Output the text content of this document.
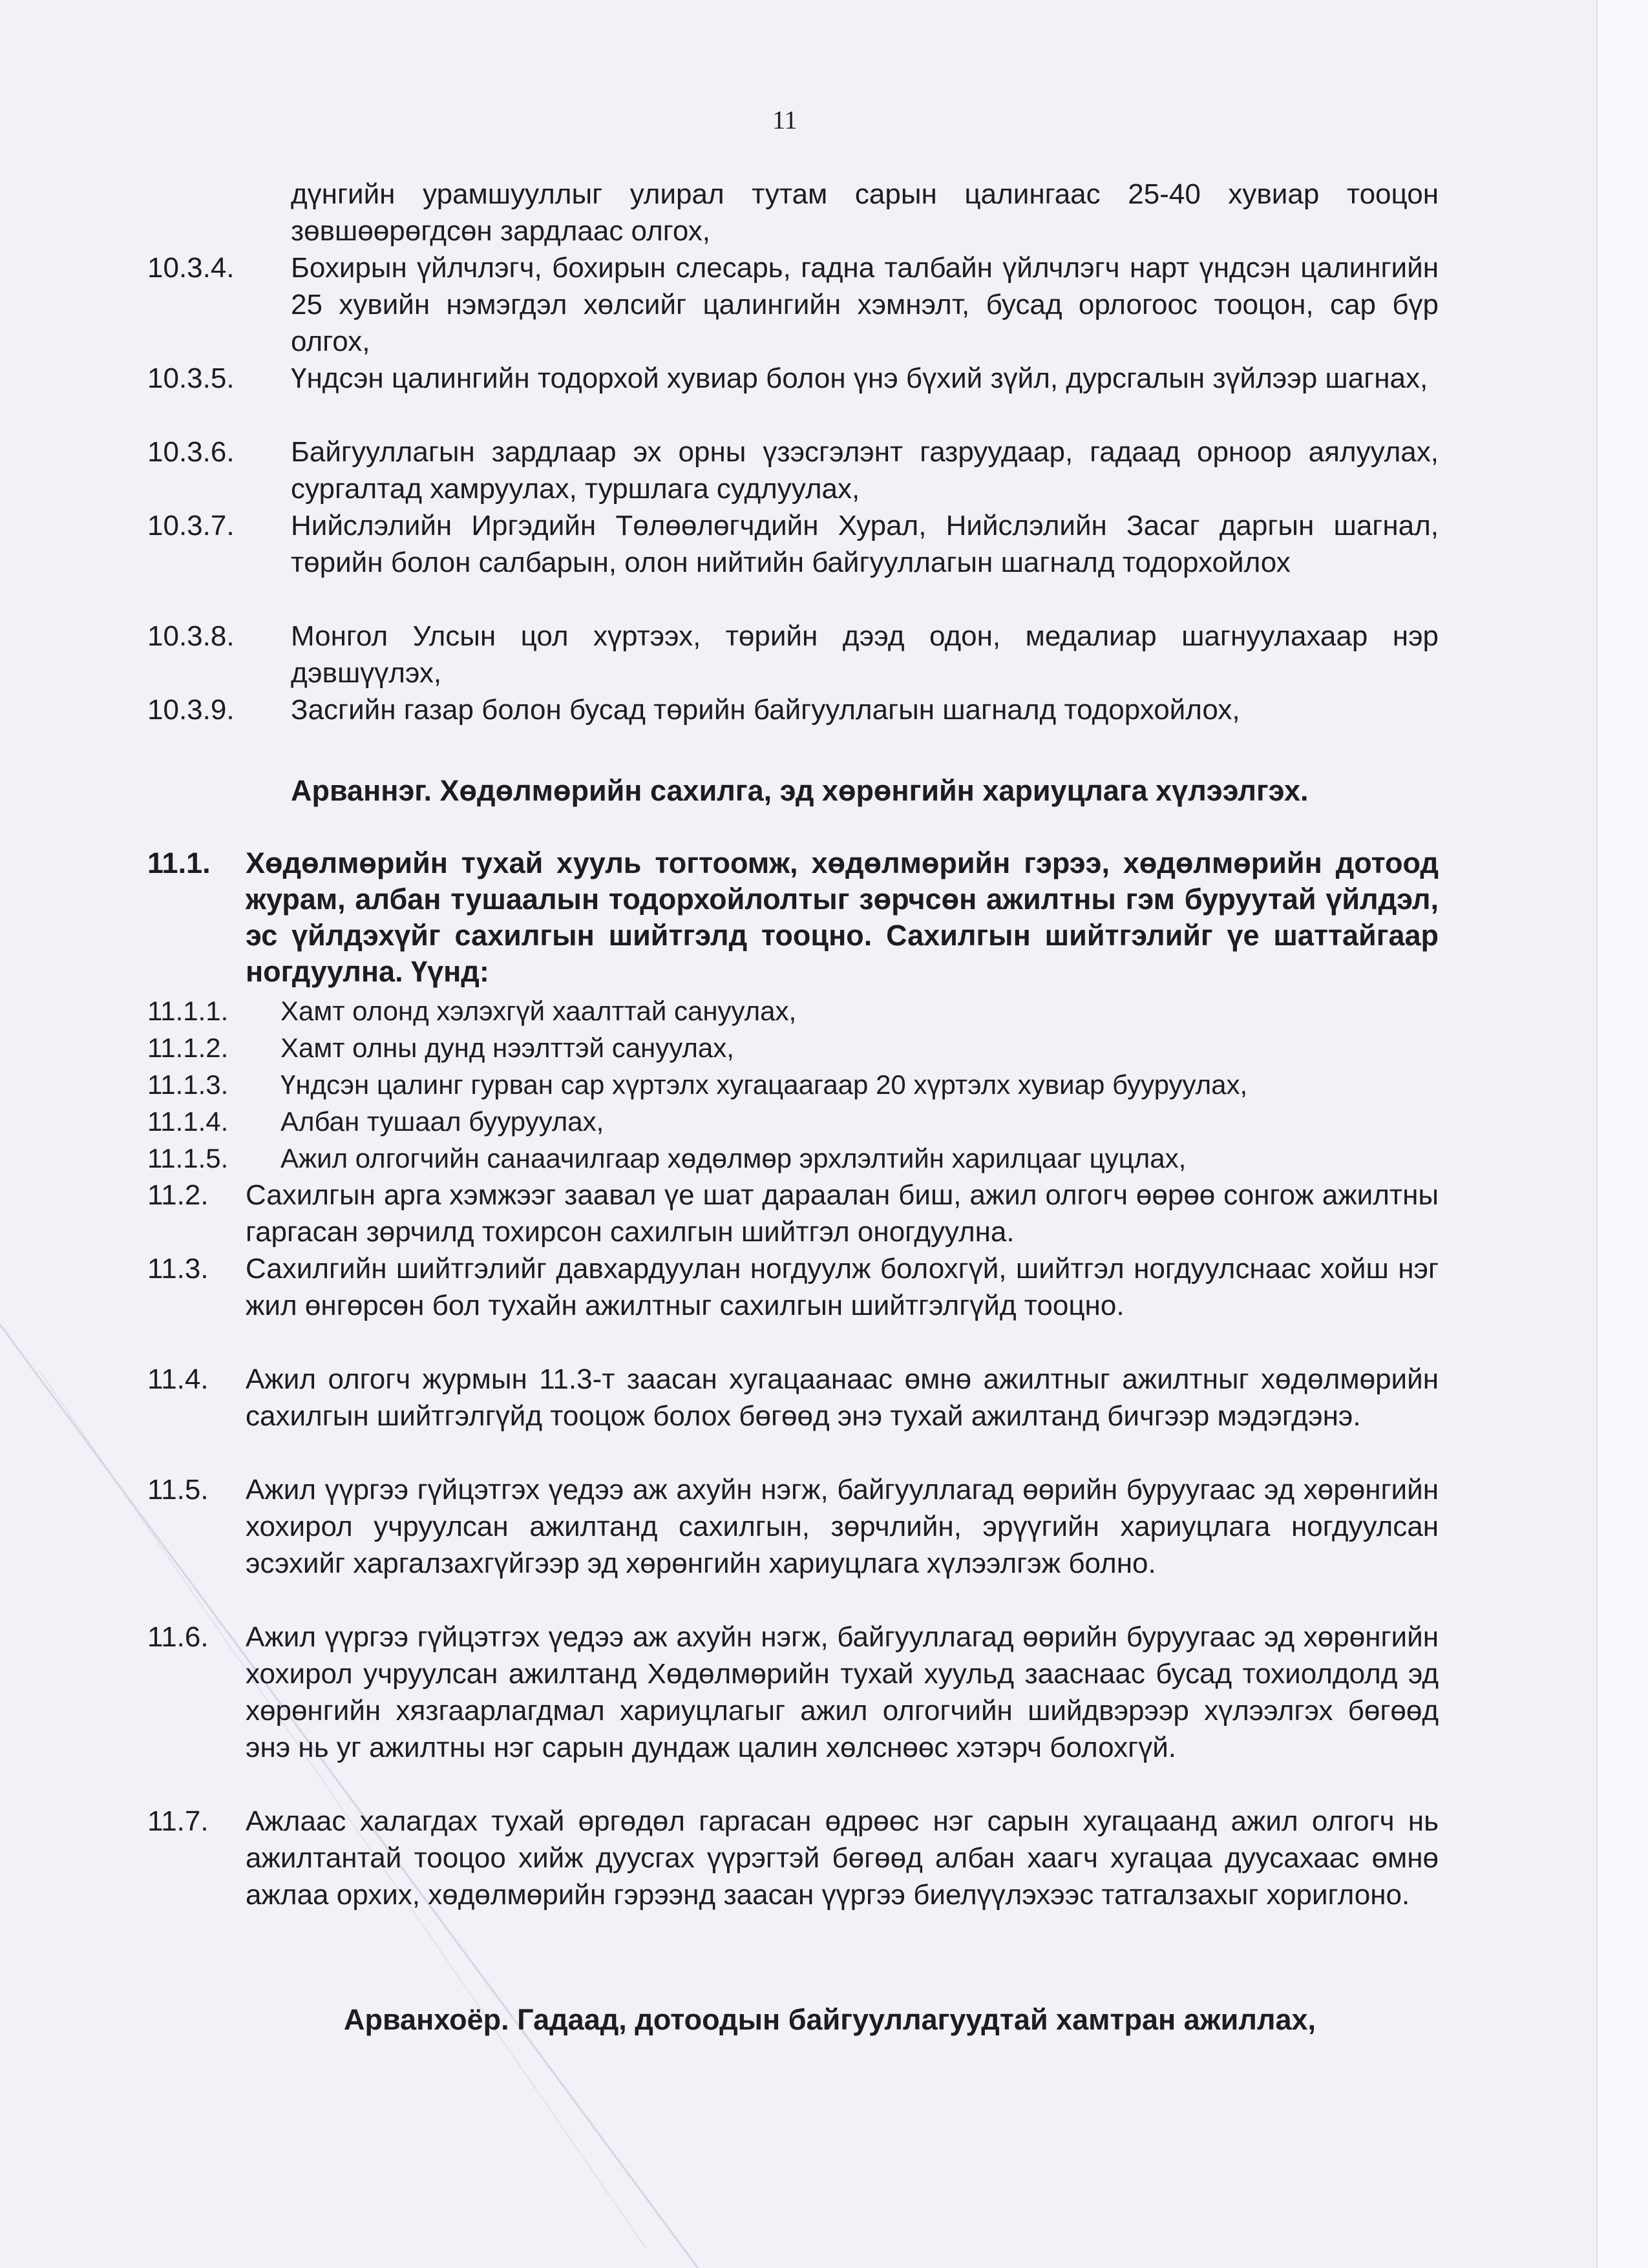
11
дүнгийн урамшууллыг улирал тутам сарын цалингаас 25-40 хувиар тооцон зөвшөөрөгдсөн зардлаас олгох,
10.3.4.	Бохирын үйлчлэгч, бохирын слесарь, гадна талбайн үйлчлэгч нарт үндсэн цалингийн 25 хувийн нэмэгдэл хөлсийг цалингийн хэмнэлт, бусад орлогоос тооцон, сар бүр олгох,
10.3.5.	Үндсэн цалингийн тодорхой хувиар болон үнэ бүхий зүйл, дурсгалын зүйлээр шагнах,
10.3.6.	Байгууллагын зардлаар эх орны үзэсгэлэнт газруудаар, гадаад орноор аялуулах, сургалтад хамруулах, туршлага судлуулах,
10.3.7.	Нийслэлийн Иргэдийн Төлөөлөгчдийн Хурал, Нийслэлийн Засаг даргын шагнал, төрийн болон салбарын, олон нийтийн байгууллагын шагналд тодорхойлох
10.3.8.	Монгол Улсын цол хүртээх, төрийн дээд одон, медалиар шагнуулахаар нэр дэвшүүлэх,
10.3.9.	Засгийн газар болон бусад төрийн байгууллагын шагналд тодорхойлох,
Арваннэг. Хөдөлмөрийн сахилга, эд хөрөнгийн хариуцлага хүлээлгэх.
11.1.	Хөдөлмөрийн тухай хууль тогтоомж, хөдөлмөрийн гэрээ, хөдөлмөрийн дотоод журам, албан тушаалын тодорхойлолтыг зөрчсөн ажилтны гэм буруутай үйлдэл, эс үйлдэхүйг сахилгын шийтгэлд тооцно. Сахилгын шийтгэлийг үе шаттайгаар ногдуулна. Үүнд:
11.1.1.	Хамт олонд хэлэхгүй хаалттай сануулах,
11.1.2.	Хамт олны дунд нээлттэй сануулах,
11.1.3.	Үндсэн цалинг гурван сар хүртэлх хугацаагаар 20 хүртэлх хувиар бууруулах,
11.1.4.	Албан тушаал бууруулах,
11.1.5.	Ажил олгогчийн санаачилгаар хөдөлмөр эрхлэлтийн харилцааг цуцлах,
11.2.	Сахилгын арга хэмжээг заавал үе шат дараалан биш, ажил олгогч өөрөө сонгож ажилтны гаргасан зөрчилд тохирсон сахилгын шийтгэл оногдуулна.
11.3.	Сахилгийн шийтгэлийг давхардуулан ногдуулж болохгүй, шийтгэл ногдуулснаас хойш нэг жил өнгөрсөн бол тухайн ажилтныг сахилгын шийтгэлгүйд тооцно.
11.4.	Ажил олгогч журмын 11.3-т заасан хугацаанаас өмнө ажилтныг ажилтныг хөдөлмөрийн сахилгын шийтгэлгүйд тооцож болох бөгөөд энэ тухай ажилтанд бичгээр мэдэгдэнэ.
11.5.	Ажил үүргээ гүйцэтгэх үедээ аж ахуйн нэгж, байгууллагад өөрийн буруугаас эд хөрөнгийн хохирол учруулсан ажилтанд сахилгын, зөрчлийн, эрүүгийн хариуцлага ногдуулсан эсэхийг харгалзахгүйгээр эд хөрөнгийн хариуцлага хүлээлгэж болно.
11.6.	Ажил үүргээ гүйцэтгэх үедээ аж ахуйн нэгж, байгууллагад өөрийн буруугаас эд хөрөнгийн хохирол учруулсан ажилтанд Хөдөлмөрийн тухай хуульд зааснаас бусад тохиолдолд эд хөрөнгийн хязгаарлагдмал хариуцлагыг ажил олгогчийн шийдвэрээр хүлээлгэх бөгөөд энэ нь уг ажилтны нэг сарын дундаж цалин хөлснөөс хэтэрч болохгүй.
11.7.	Ажлаас халагдах тухай өргөдөл гаргасан өдрөөс нэг сарын хугацаанд ажил олгогч нь ажилтантай тооцоо хийж дуусгах үүрэгтэй бөгөөд албан хаагч хугацаа дуусахаас өмнө ажлаа орхих, хөдөлмөрийн гэрээнд заасан үүргээ биелүүлэхээс татгалзахыг хориглоно.
Арванхоёр. Гадаад, дотоодын байгууллагуудтай хамтран ажиллах,
